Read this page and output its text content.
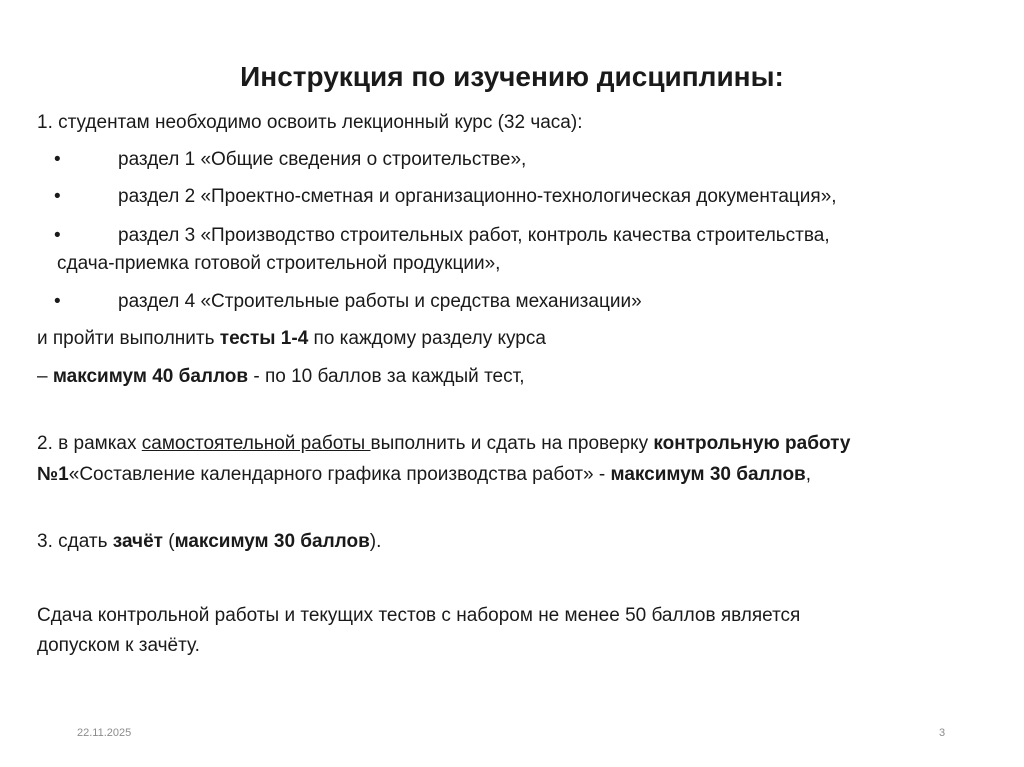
Инструкция по изучению дисциплины:
1. студентам необходимо освоить лекционный курс (32 часа):
•	раздел 1 «Общие сведения о строительстве»,
•	раздел 2 «Проектно-сметная и организационно-технологическая документация»,
•	раздел 3 «Производство строительных работ, контроль качества строительства,
сдача-приемка готовой строительной продукции»,
•	раздел 4 «Строительные работы и средства механизации»
и пройти выполнить тесты 1-4 по каждому разделу курса
– максимум 40 баллов - по 10 баллов за каждый тест,
2. в рамках самостоятельной работы выполнить и сдать на проверку контрольную работу
№1«Составление календарного графика производства работ» - максимум 30 баллов,
3. сдать зачёт (максимум 30 баллов).
Сдача контрольной работы и текущих тестов с набором не менее 50 баллов является
допуском к зачёту.
22.11.2025	3
